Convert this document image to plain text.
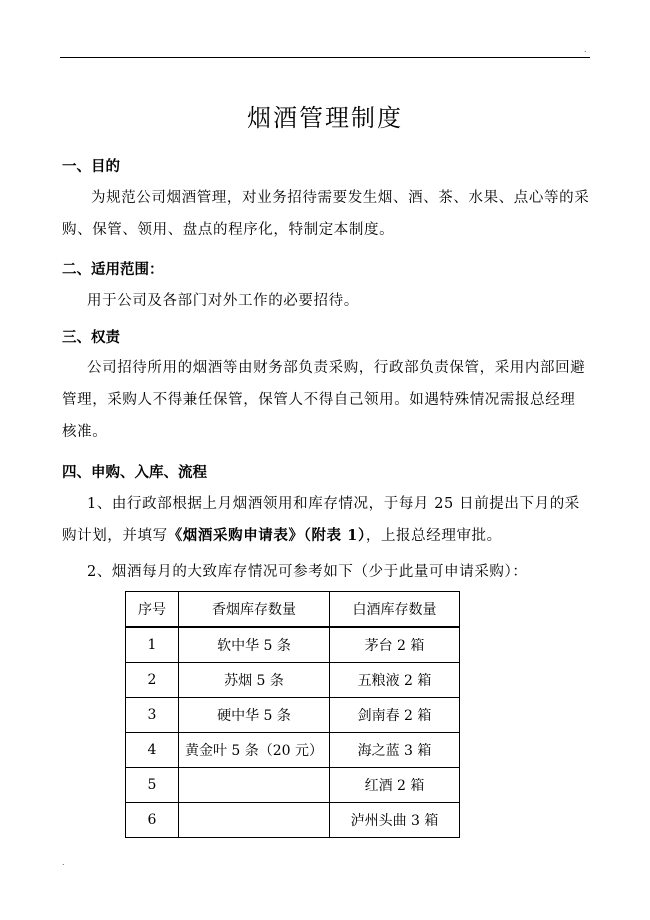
.
烟酒管理制度
一、目的
为规范公司烟酒管理，对业务招待需要发生烟、酒、茶、水果、点心等的采购、保管、领用、盘点的程序化，特制定本制度。
二、适用范围：
用于公司及各部门对外工作的必要招待。
三、权责
公司招待所用的烟酒等由财务部负责采购，行政部负责保管，采用内部回避管理，采购人不得兼任保管，保管人不得自己领用。如遇特殊情况需报总经理核准。
四、申购、入库、流程
1、由行政部根据上月烟酒领用和库存情况，于每月 25 日前提出下月的采购计划，并填写《烟酒采购申请表》（附表 1），上报总经理审批。
2、烟酒每月的大致库存情况可参考如下（少于此量可申请采购）：
序号	香烟库存数量	白酒库存数量
1	软中华 5 条	茅台 2 箱
2	苏烟 5 条	五粮液 2 箱
3	硬中华 5 条	剑南春 2 箱
4	黄金叶 5 条（20 元）	海之蓝 3 箱
5		红酒 2 箱
6		泸州头曲 3 箱
.
